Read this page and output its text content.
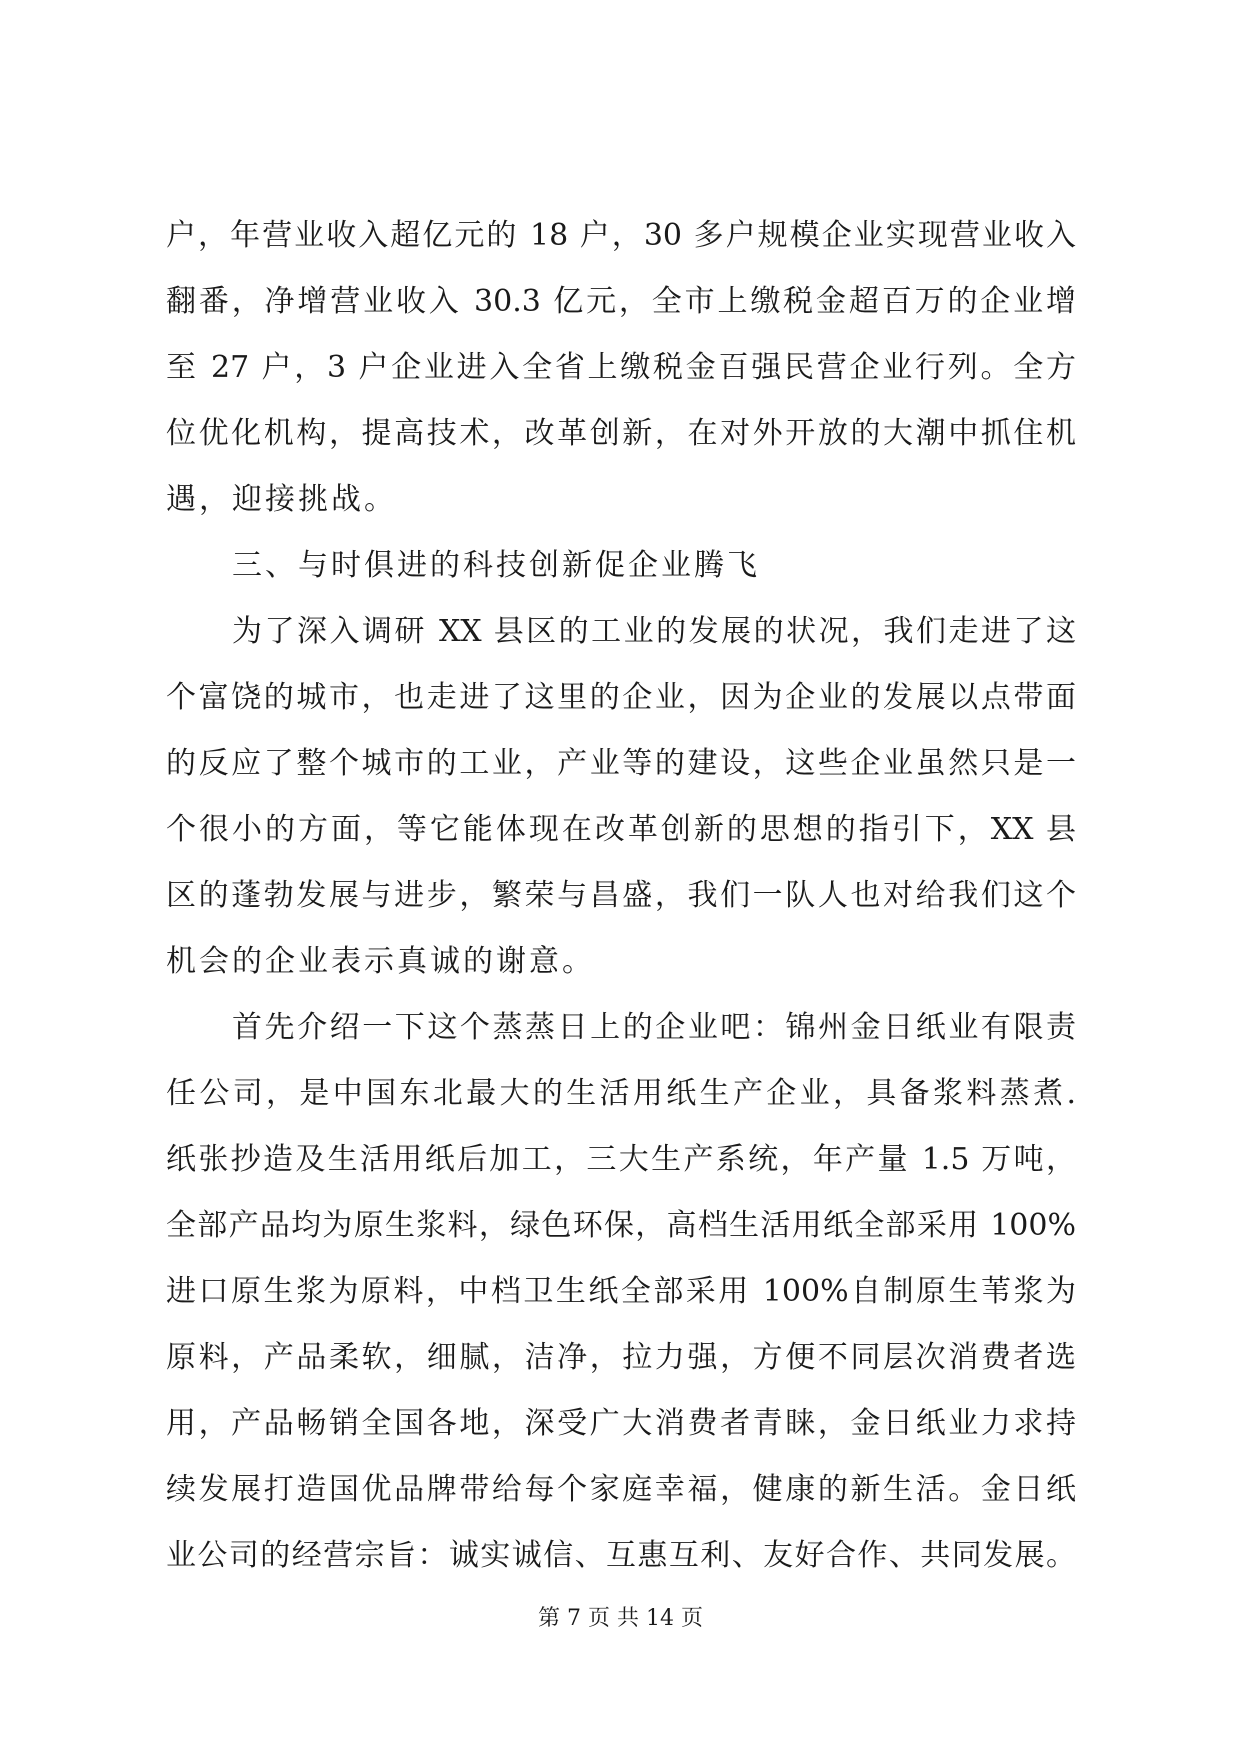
户，年营业收入超亿元的 18 户，30 多户规模企业实现营业收入
翻番，净增营业收入 30.3 亿元，全市上缴税金超百万的企业增
至 27 户，3 户企业进入全省上缴税金百强民营企业行列。全方
位优化机构，提高技术，改革创新，在对外开放的大潮中抓住机
遇，迎接挑战。
三、与时俱进的科技创新促企业腾飞
为了深入调研 XX 县区的工业的发展的状况，我们走进了这
个富饶的城市，也走进了这里的企业，因为企业的发展以点带面
的反应了整个城市的工业，产业等的建设，这些企业虽然只是一
个很小的方面，等它能体现在改革创新的思想的指引下，XX 县
区的蓬勃发展与进步，繁荣与昌盛，我们一队人也对给我们这个
机会的企业表示真诚的谢意。
首先介绍一下这个蒸蒸日上的企业吧：锦州金日纸业有限责
任公司，是中国东北最大的生活用纸生产企业，具备浆料蒸煮.
纸张抄造及生活用纸后加工，三大生产系统，年产量 1.5 万吨，
全部产品均为原生浆料，绿色环保，高档生活用纸全部采用 100%
进口原生浆为原料，中档卫生纸全部采用 100%自制原生苇浆为
原料，产品柔软，细腻，洁净，拉力强，方便不同层次消费者选
用，产品畅销全国各地，深受广大消费者青睐，金日纸业力求持
续发展打造国优品牌带给每个家庭幸福，健康的新生活。金日纸
业公司的经营宗旨：诚实诚信、互惠互利、友好合作、共同发展。
第 7 页 共 14 页
